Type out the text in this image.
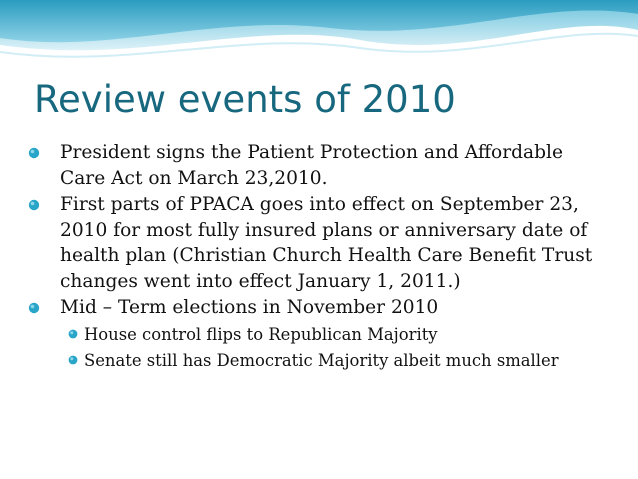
Review events of 2010
President signs the Patient Protection and Affordable Care Act on March 23,2010.
First parts of PPACA goes into effect on September 23, 2010 for most fully insured plans or anniversary date of health plan (Christian Church Health Care Benefit Trust changes went into effect January 1, 2011.)
Mid – Term elections in November 2010
House control flips to Republican Majority
Senate still has Democratic Majority albeit much smaller
